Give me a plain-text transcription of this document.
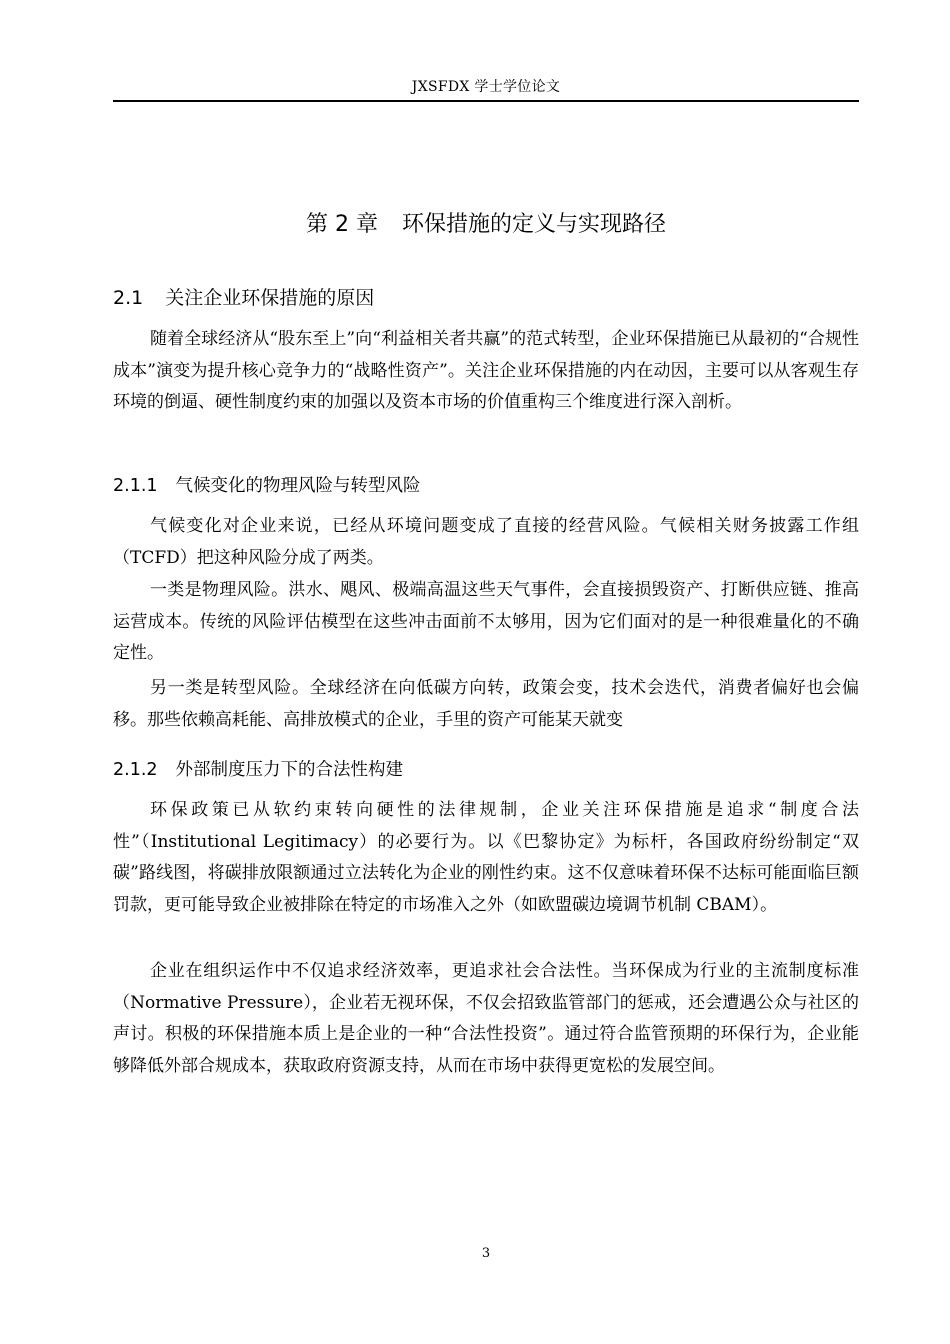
JXSFDX 学士学位论文
第 2 章 环保措施的定义与实现路径
2.1 关注企业环保措施的原因

随着全球经济从“股东至上”向“利益相关者共赢”的范式转型，企业环保措施已从最初的“合规性成本”演变为提升核心竞争力的“战略性资产”。关注企业环保措施的内在动因，主要可以从客观生存环境的倒逼、硬性制度约束的加强以及资本市场的价值重构三个维度进行深入剖析。

2.1.1 气候变化的物理风险与转型风险

气候变化对企业来说，已经从环境问题变成了直接的经营风险。气候相关财务披露工作组（TCFD）把这种风险分成了两类。

一类是物理风险。洪水、飓风、极端高温这些天气事件，会直接损毁资产、打断供应链、推高运营成本。传统的风险评估模型在这些冲击面前不太够用，因为它们面对的是一种很难量化的不确定性。

另一类是转型风险。全球经济在向低碳方向转，政策会变，技术会迭代，消费者偏好也会偏移。那些依赖高耗能、高排放模式的企业，手里的资产可能某天就变

2.1.2 外部制度压力下的合法性构建

环保政策已从软约束转向硬性的法律规制，企业关注环保措施是追求“制度合法性”（Institutional Legitimacy）的必要行为。以《巴黎协定》为标杆，各国政府纷纷制定“双碳”路线图，将碳排放限额通过立法转化为企业的刚性约束。这不仅意味着环保不达标可能面临巨额罚款，更可能导致企业被排除在特定的市场准入之外（如欧盟碳边境调节机制 CBAM）。

企业在组织运作中不仅追求经济效率，更追求社会合法性。当环保成为行业的主流制度标准（Normative Pressure），企业若无视环保，不仅会招致监管部门的惩戒，还会遭遇公众与社区的声讨。积极的环保措施本质上是企业的一种“合法性投资”。通过符合监管预期的环保行为，企业能够降低外部合规成本，获取政府资源支持，从而在市场中获得更宽松的发展空间。

3
